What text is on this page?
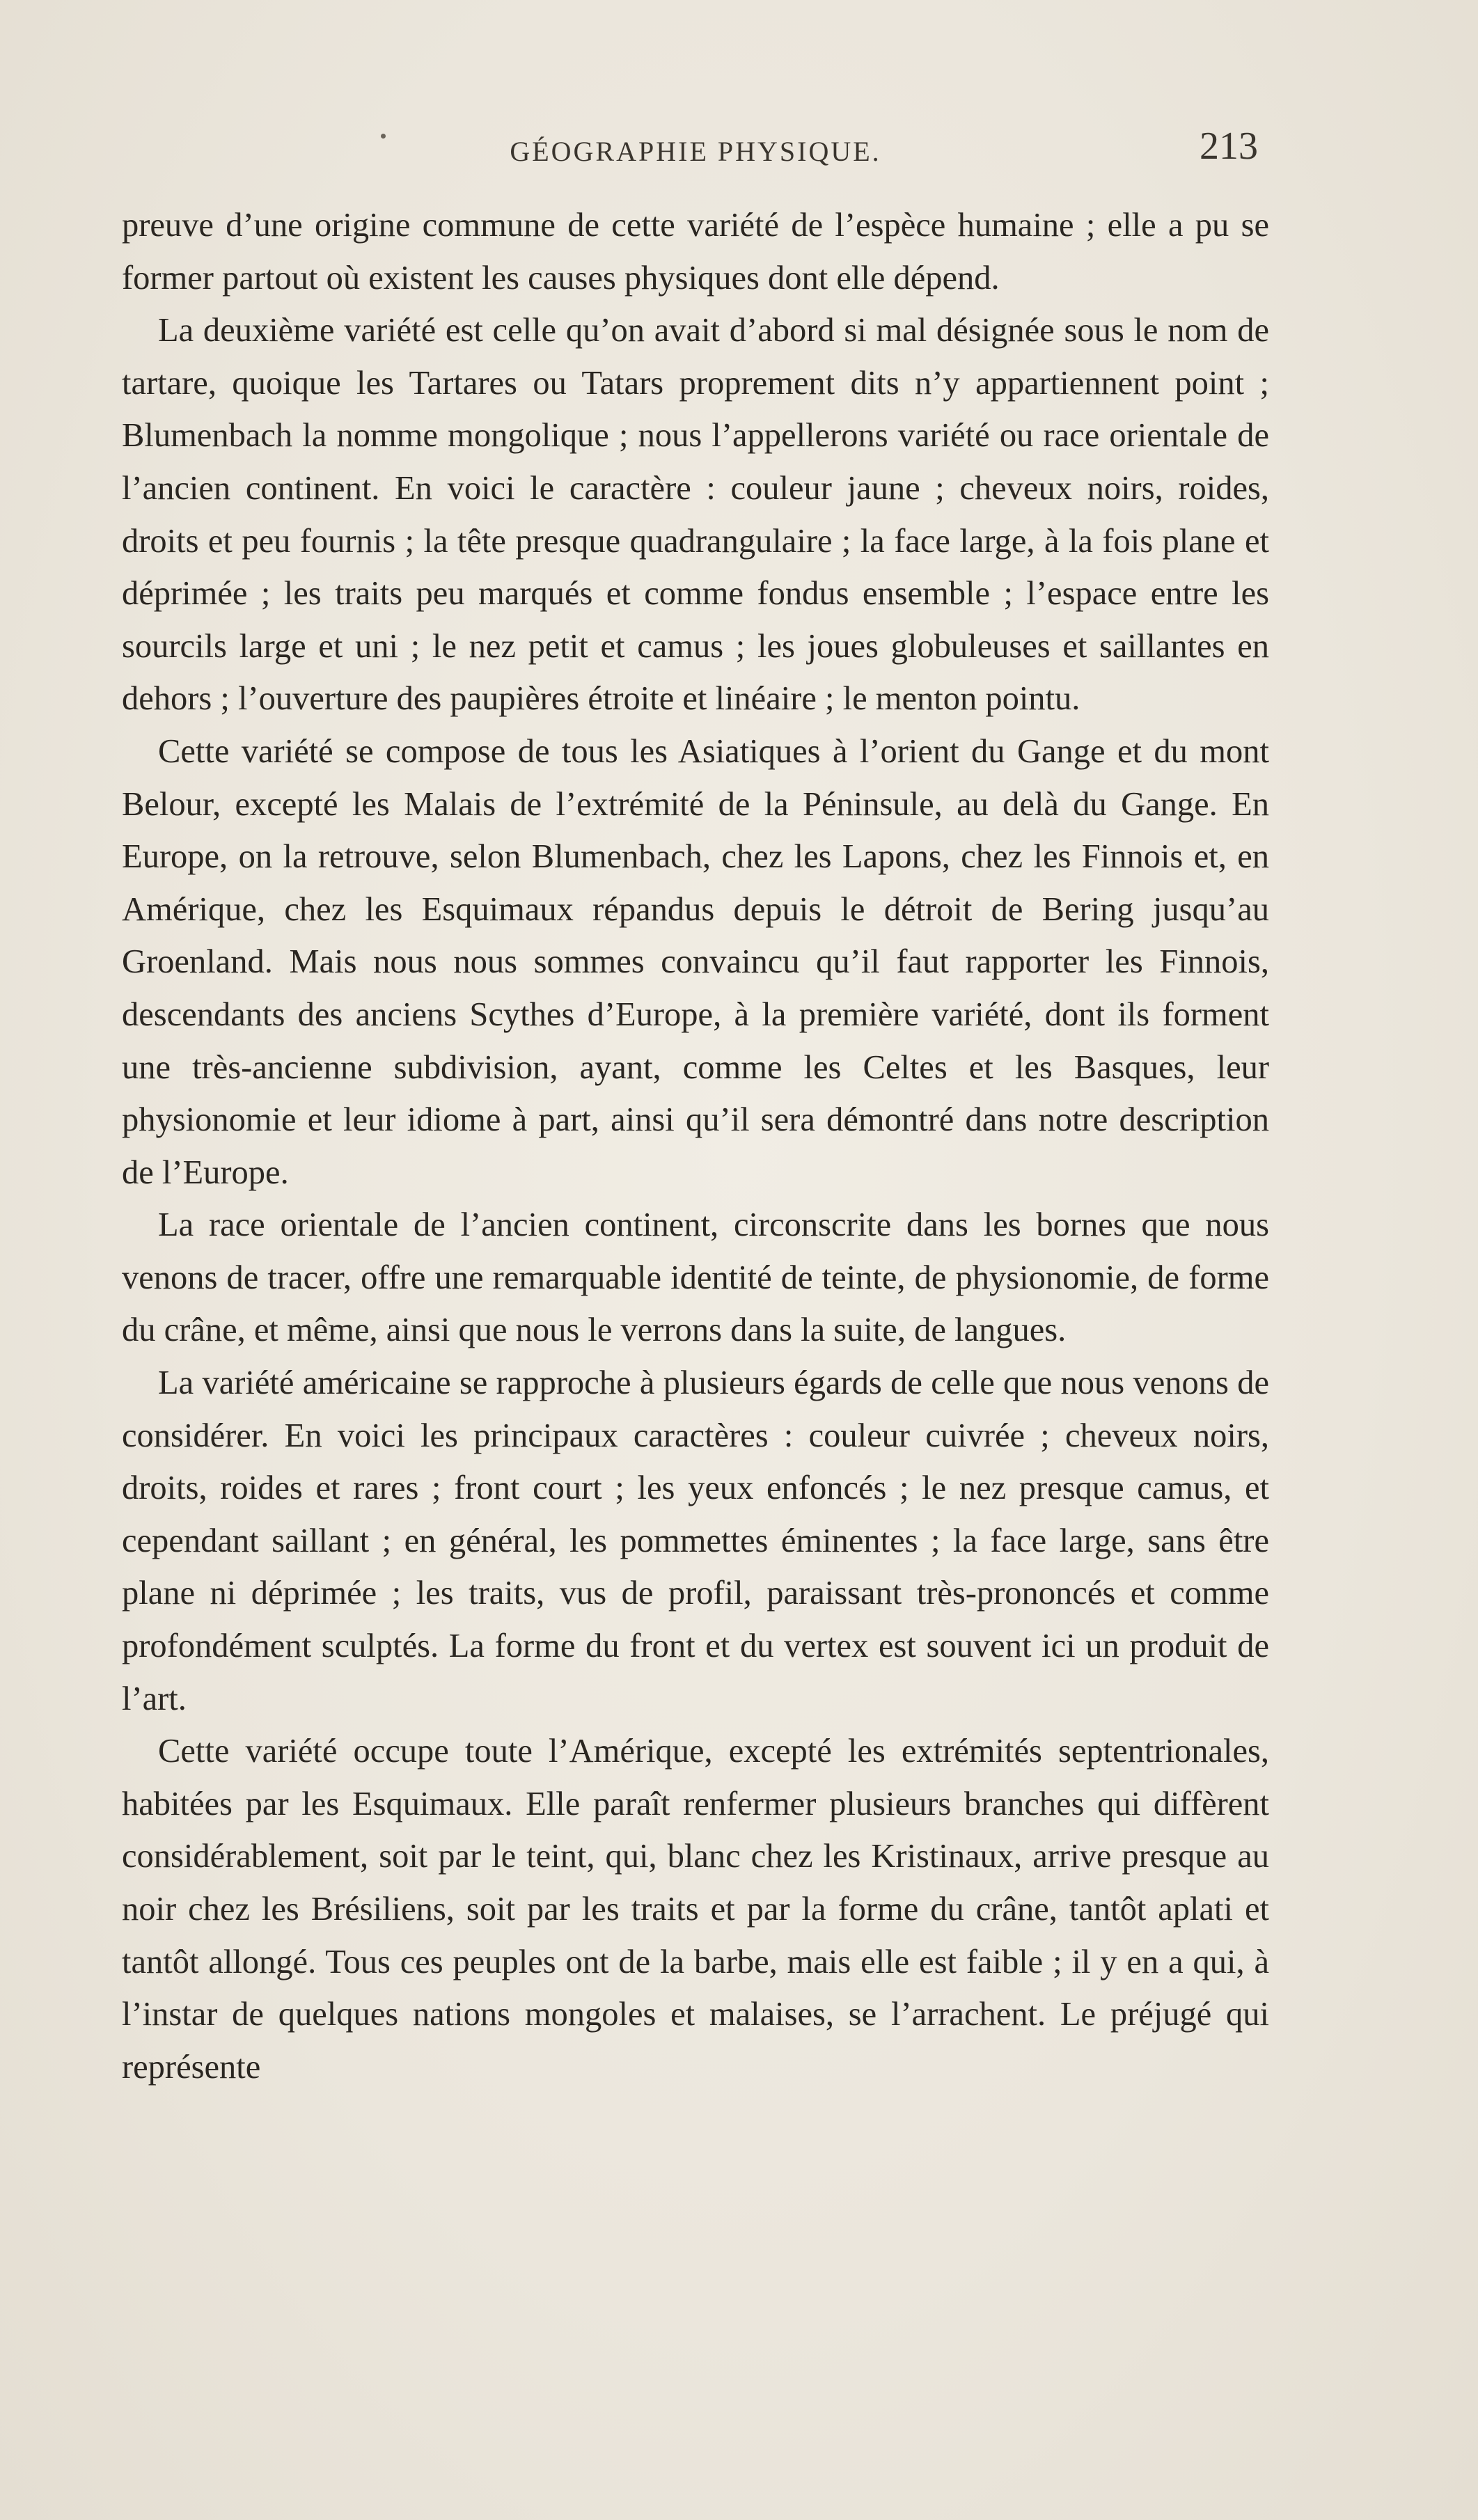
GÉOGRAPHIE PHYSIQUE.	213

preuve d’une origine commune de cette variété de l’espèce humaine ; elle a pu se former partout où existent les causes physiques dont elle dépend.

La deuxième variété est celle qu’on avait d’abord si mal désignée sous le nom de tartare, quoique les Tartares ou Tatars proprement dits n’y appartiennent point ; Blumenbach la nomme mongolique ; nous l’appellerons variété ou race orientale de l’ancien continent. En voici le caractère : couleur jaune ; cheveux noirs, roides, droits et peu fournis ; la tête presque quadrangulaire ; la face large, à la fois plane et déprimée ; les traits peu marqués et comme fondus ensemble ; l’espace entre les sourcils large et uni ; le nez petit et camus ; les joues globuleuses et saillantes en dehors ; l’ouverture des paupières étroite et linéaire ; le menton pointu.

Cette variété se compose de tous les Asiatiques à l’orient du Gange et du mont Belour, excepté les Malais de l’extrémité de la Péninsule, au delà du Gange. En Europe, on la retrouve, selon Blumenbach, chez les Lapons, chez les Finnois et, en Amérique, chez les Esquimaux répandus depuis le détroit de Bering jusqu’au Groenland. Mais nous nous sommes convaincu qu’il faut rapporter les Finnois, descendants des anciens Scythes d’Europe, à la première variété, dont ils forment une très-ancienne subdivision, ayant, comme les Celtes et les Basques, leur physionomie et leur idiome à part, ainsi qu’il sera démontré dans notre description de l’Europe.

La race orientale de l’ancien continent, circonscrite dans les bornes que nous venons de tracer, offre une remarquable identité de teinte, de physionomie, de forme du crâne, et même, ainsi que nous le verrons dans la suite, de langues.

La variété américaine se rapproche à plusieurs égards de celle que nous venons de considérer. En voici les principaux caractères : couleur cuivrée ; cheveux noirs, droits, roides et rares ; front court ; les yeux enfoncés ; le nez presque camus, et cependant saillant ; en général, les pommettes éminentes ; la face large, sans être plane ni déprimée ; les traits, vus de profil, paraissant très-prononcés et comme profondément sculptés. La forme du front et du vertex est souvent ici un produit de l’art.

Cette variété occupe toute l’Amérique, excepté les extrémités septentrionales, habitées par les Esquimaux. Elle paraît renfermer plusieurs branches qui diffèrent considérablement, soit par le teint, qui, blanc chez les Kristinaux, arrive presque au noir chez les Brésiliens, soit par les traits et par la forme du crâne, tantôt aplati et tantôt allongé. Tous ces peuples ont de la barbe, mais elle est faible ; il y en a qui, à l’instar de quelques nations mongoles et malaises, se l’arrachent. Le préjugé qui représente
